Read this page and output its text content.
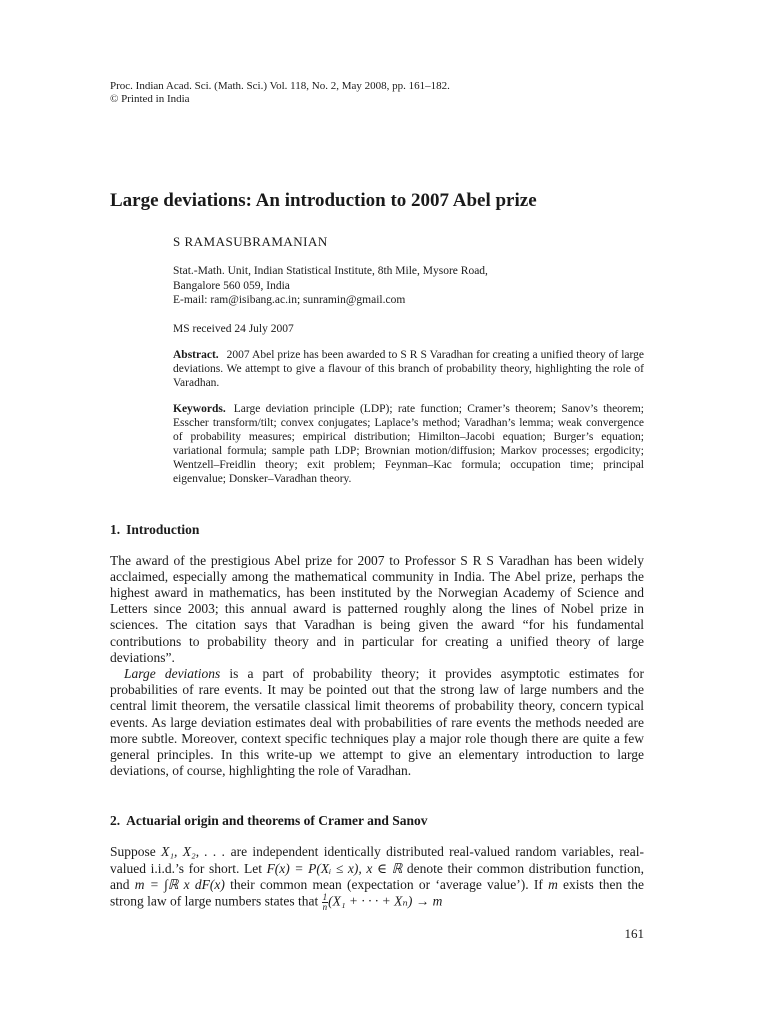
Proc. Indian Acad. Sci. (Math. Sci.) Vol. 118, No. 2, May 2008, pp. 161–182.

© Printed in India

Large deviations: An introduction to 2007 Abel prize
S RAMASUBRAMANIAN
Stat.-Math. Unit, Indian Statistical Institute, 8th Mile, Mysore Road,
Bangalore 560 059, India
E-mail: ram@isibang.ac.in; sunramin@gmail.com
MS received 24 July 2007
Abstract. 2007 Abel prize has been awarded to S R S Varadhan for creating a unified theory of large deviations. We attempt to give a flavour of this branch of probability theory, highlighting the role of Varadhan.
Keywords. Large deviation principle (LDP); rate function; Cramer’s theorem; Sanov’s theorem; Esscher transform/tilt; convex conjugates; Laplace’s method; Varadhan’s lemma; weak convergence of probability measures; empirical distribution; Himilton–Jacobi equation; Burger’s equation; variational formula; sample path LDP; Brownian motion/diffusion; Markov processes; ergodicity; Wentzell–Freidlin theory; exit problem; Feynman–Kac formula; occupation time; principal eigenvalue; Donsker–Varadhan theory.
1. Introduction

The award of the prestigious Abel prize for 2007 to Professor S R S Varadhan has been widely acclaimed, especially among the mathematical community in India. The Abel prize, perhaps the highest award in mathematics, has been instituted by the Norwegian Academy of Science and Letters since 2003; this annual award is patterned roughly along the lines of Nobel prize in sciences. The citation says that Varadhan is being given the award “for his fundamental contributions to probability theory and in particular for creating a unified theory of large deviations”.

Large deviations is a part of probability theory; it provides asymptotic estimates for probabilities of rare events. It may be pointed out that the strong law of large numbers and the central limit theorem, the versatile classical limit theorems of probability theory, concern typical events. As large deviation estimates deal with probabilities of rare events the methods needed are more subtle. Moreover, context specific techniques play a major role though there are quite a few general principles. In this write-up we attempt to give an elementary introduction to large deviations, of course, highlighting the role of Varadhan.

2. Actuarial origin and theorems of Cramer and Sanov

Suppose X₁, X₂, . . . are independent identically distributed real-valued random variables, real-valued i.i.d.’s for short. Let F(x) = P(Xᵢ ≤ x), x ∈ ℝ denote their common distribution function, and m = ∫ℝ x dF(x) their common mean (expectation or ‘average value’). If m exists then the strong law of large numbers states that $\frac{1}{n} (X_1$ + · · · + Xₙ) → m

161
